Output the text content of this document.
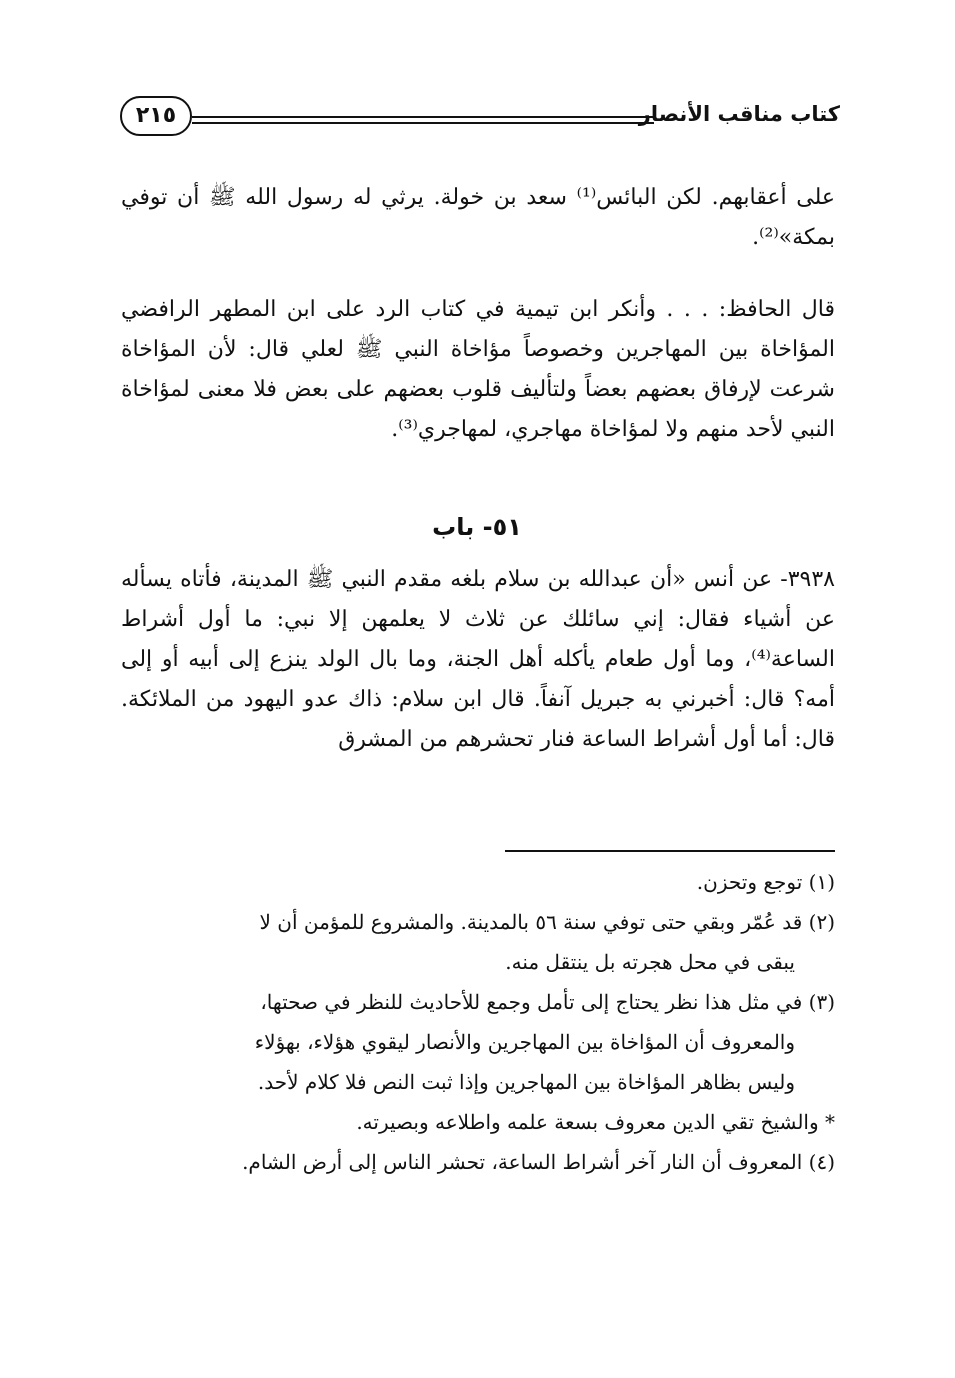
كتاب مناقب الأنصار
٢١٥

على أعقابهم. لكن البائس⁽¹⁾ سعد بن خولة. يرثي له رسول الله ﷺ أن توفي بمكة»⁽²⁾.

قال الحافظ: . . . وأنكر ابن تيمية في كتاب الرد على ابن المطهر الرافضي المؤاخاة بين المهاجرين وخصوصاً مؤاخاة النبي ﷺ لعلي قال: لأن المؤاخاة شرعت لإرفاق بعضهم بعضاً ولتأليف قلوب بعضهم على بعض فلا معنى لمؤاخاة النبي لأحد منهم ولا لمؤاخاة مهاجري، لمهاجري⁽³⁾.

٥١- باب

٣٩٣٨- عن أنس «أن عبدالله بن سلام بلغه مقدم النبي ﷺ المدينة، فأتاه يسأله عن أشياء فقال: إني سائلك عن ثلاث لا يعلمهن إلا نبي: ما أول أشراط الساعة⁽⁴⁾، وما أول طعام يأكله أهل الجنة، وما بال الولد ينزع إلى أبيه أو إلى أمه؟ قال: أخبرني به جبريل آنفاً. قال ابن سلام: ذاك عدو اليهود من الملائكة. قال: أما أول أشراط الساعة فنار تحشرهم من المشرق

(١) توجع وتحزن.

(٢) قد عُمّر وبقي حتى توفي سنة ٥٦ بالمدينة. والمشروع للمؤمن أن لا
يبقى في محل هجرته بل ينتقل منه.

(٣) في مثل هذا نظر يحتاج إلى تأمل وجمع للأحاديث للنظر في صحتها،
والمعروف أن المؤاخاة بين المهاجرين والأنصار ليقوي هؤلاء، بهؤلاء
وليس بظاهر المؤاخاة بين المهاجرين وإذا ثبت النص فلا كلام لأحد.

* والشيخ تقي الدين معروف بسعة علمه واطلاعه وبصيرته.

(٤) المعروف أن النار آخر أشراط الساعة، تحشر الناس إلى أرض الشام.
